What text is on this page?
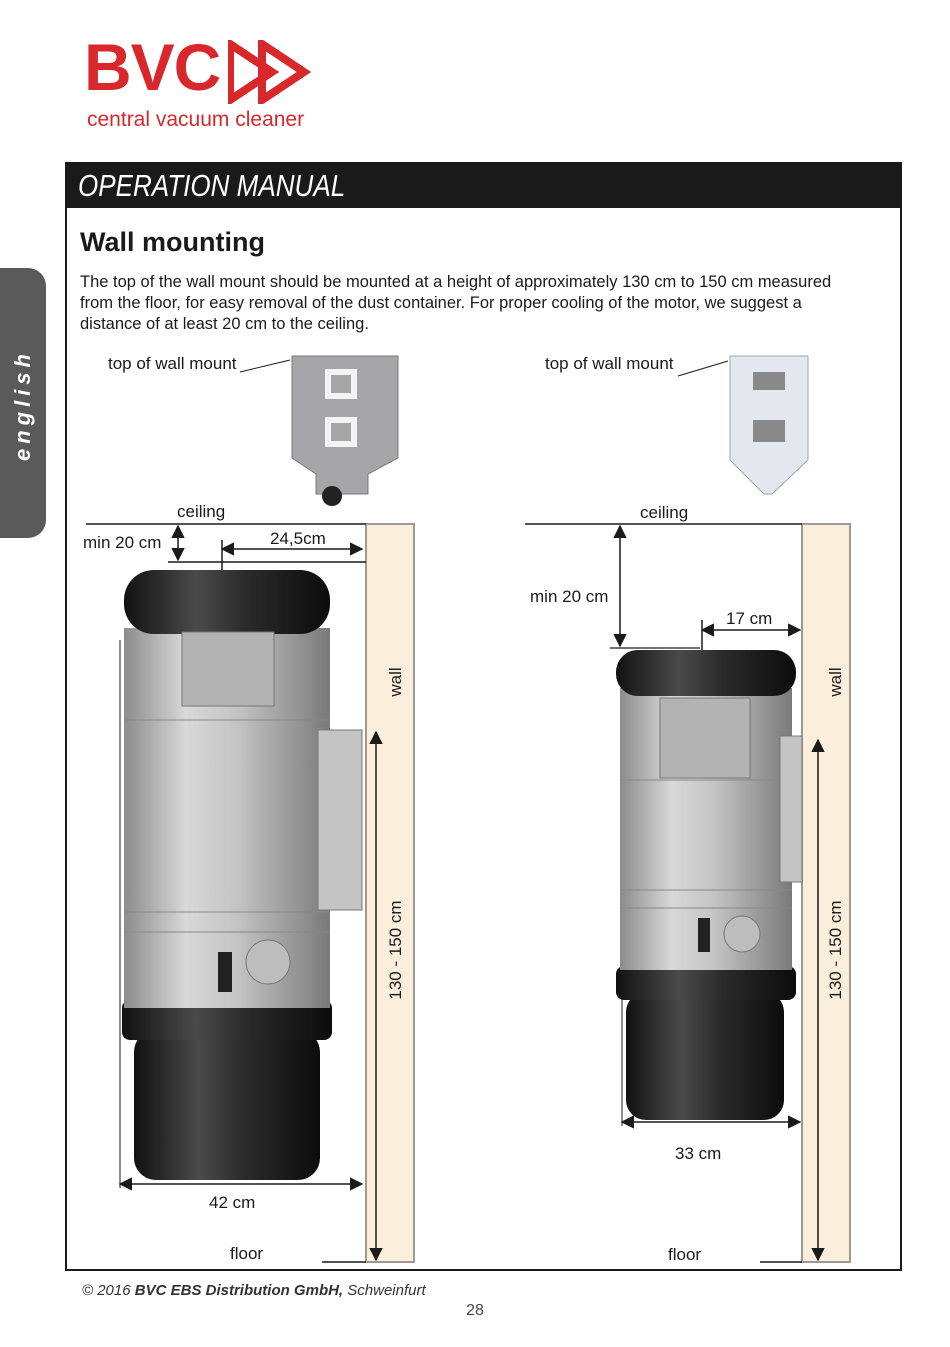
BVC
central vacuum cleaner
english
OPERATION MANUAL
Wall mounting
The top of the wall mount should be mounted at a height of approximately 130 cm to 150 cm measured from the floor, for easy removal of the dust container. For proper cooling of the motor, we suggest a distance of at least 20 cm to the ceiling.
top of wall mount
ceiling
min 20 cm	24,5cm
wall
130 - 150 cm
42 cm
floor
top of wall mount
ceiling
min 20 cm
17 cm
wall
130 - 150 cm
33 cm
floor
© 2016 BVC EBS Distribution GmbH, Schweinfurt
28
